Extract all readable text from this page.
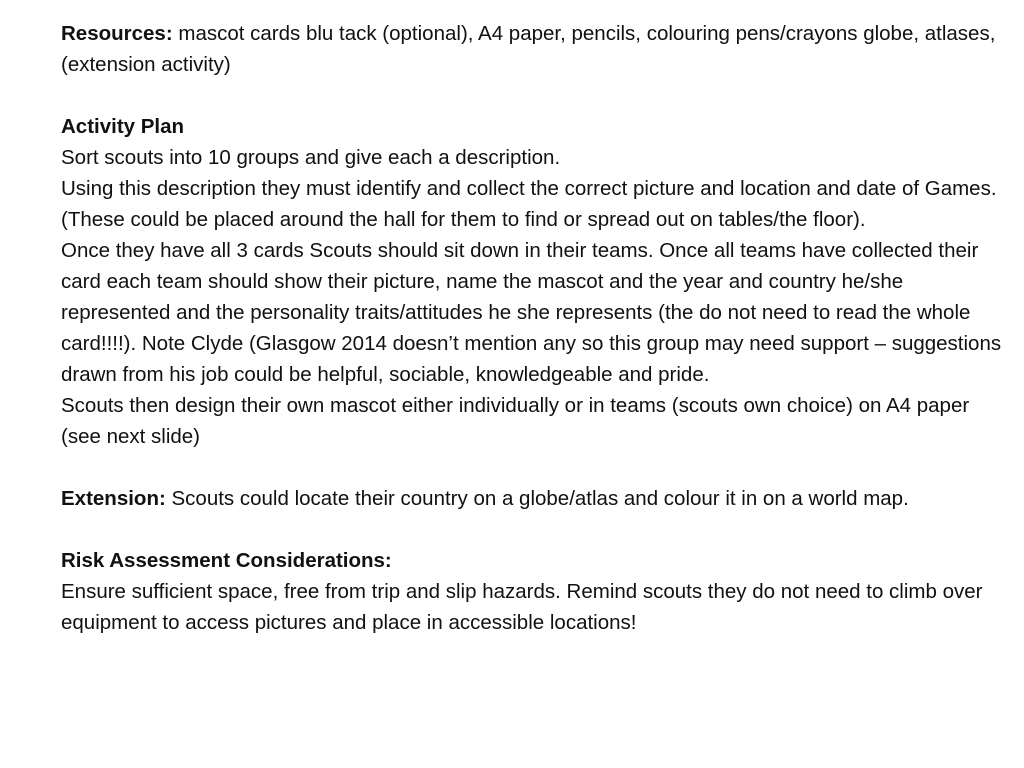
Resources: mascot cards blu tack (optional), A4 paper, pencils, colouring pens/crayons globe, atlases, (extension activity)

Activity Plan

Sort scouts into 10 groups and give each a description.

Using this description they must identify and collect the correct picture and location and date of Games. (These could be placed around the hall for them to find or spread out on tables/the floor).

Once they have all 3 cards Scouts should sit down in their teams. Once all teams have collected their card each team should show their picture, name the mascot and the year and country he/she represented and the personality traits/attitudes he she represents (the do not need to read the whole card!!!!). Note Clyde (Glasgow 2014 doesn’t mention any so this group may need support – suggestions drawn from his job could be helpful, sociable, knowledgeable and pride.

Scouts then design their own mascot either individually or in teams (scouts own choice) on A4 paper (see next slide)

Extension: Scouts could locate their country on a globe/atlas and colour it in on a world map.

Risk Assessment Considerations:

Ensure sufficient space, free from trip and slip hazards. Remind scouts they do not need to climb over equipment to access pictures and place in accessible locations!
